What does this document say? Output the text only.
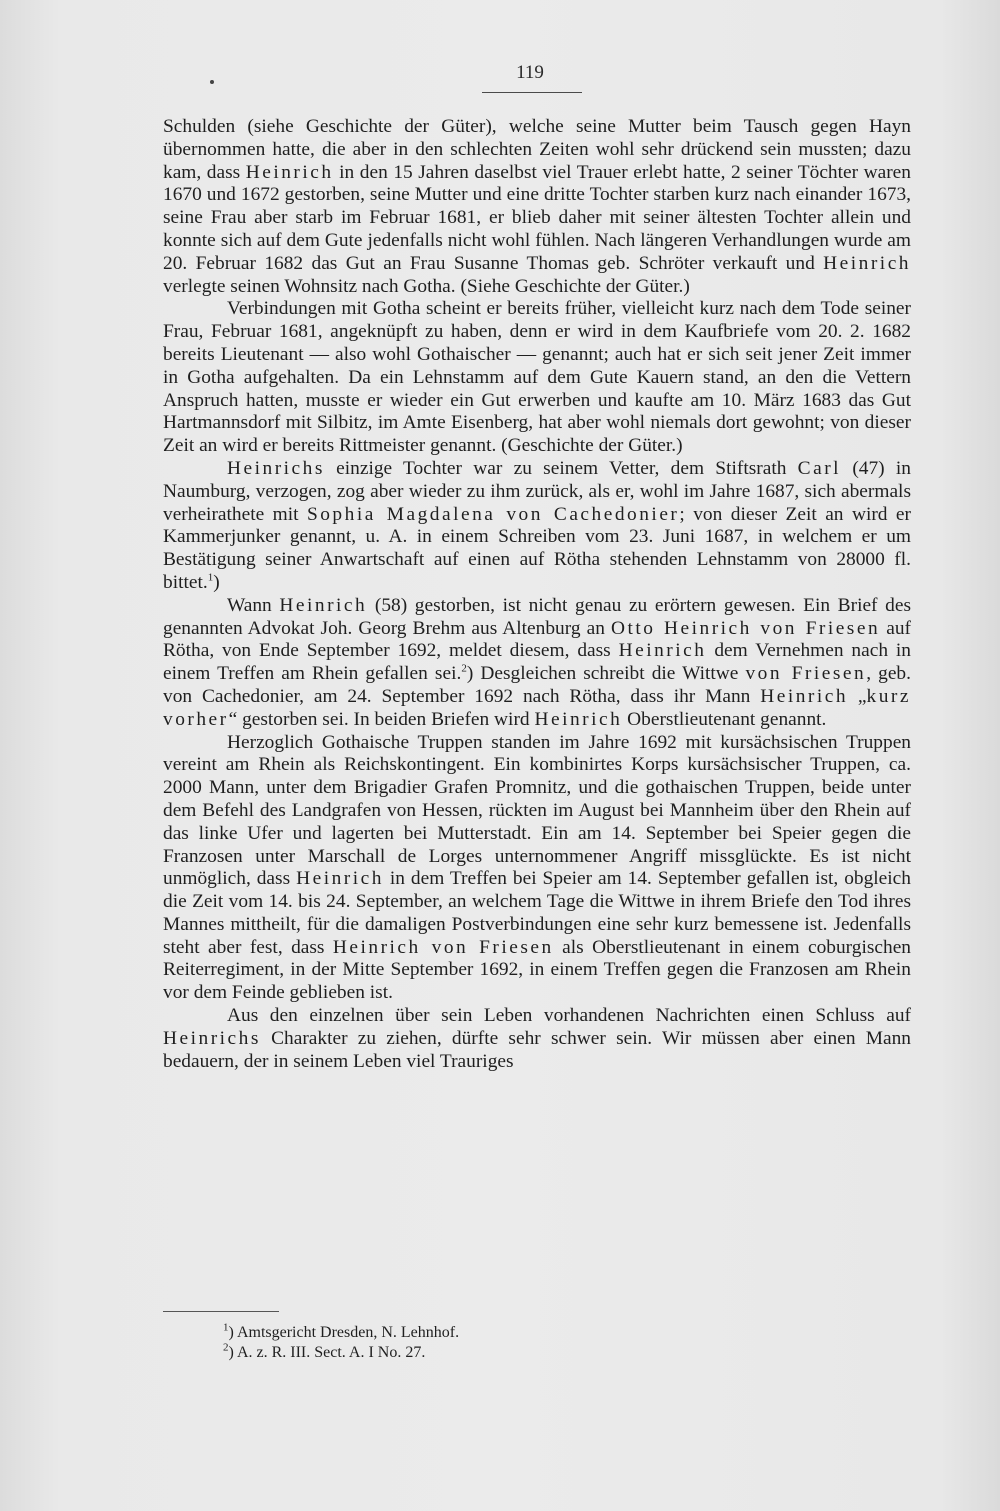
119

Schulden (siehe Geschichte der Güter), welche seine Mutter beim Tausch gegen Hayn übernommen hatte, die aber in den schlechten Zeiten wohl sehr drückend sein mussten; dazu kam, dass Heinrich in den 15 Jahren daselbst viel Trauer erlebt hatte, 2 seiner Töchter waren 1670 und 1672 gestorben, seine Mutter und eine dritte Tochter starben kurz nach einander 1673, seine Frau aber starb im Februar 1681, er blieb daher mit seiner ältesten Tochter allein und konnte sich auf dem Gute jedenfalls nicht wohl fühlen. Nach längeren Verhandlungen wurde am 20. Februar 1682 das Gut an Frau Susanne Thomas geb. Schröter verkauft und Heinrich verlegte seinen Wohnsitz nach Gotha. (Siehe Geschichte der Güter.)

Verbindungen mit Gotha scheint er bereits früher, vielleicht kurz nach dem Tode seiner Frau, Februar 1681, angeknüpft zu haben, denn er wird in dem Kaufbriefe vom 20. 2. 1682 bereits Lieutenant — also wohl Gothaischer — genannt; auch hat er sich seit jener Zeit immer in Gotha aufgehalten. Da ein Lehnstamm auf dem Gute Kauern stand, an den die Vettern Anspruch hatten, musste er wieder ein Gut erwerben und kaufte am 10. März 1683 das Gut Hartmannsdorf mit Silbitz, im Amte Eisenberg, hat aber wohl niemals dort gewohnt; von dieser Zeit an wird er bereits Rittmeister genannt. (Geschichte der Güter.)

Heinrichs einzige Tochter war zu seinem Vetter, dem Stiftsrath Carl (47) in Naumburg, verzogen, zog aber wieder zu ihm zurück, als er, wohl im Jahre 1687, sich abermals verheirathete mit Sophia Magdalena von Cachedonier; von dieser Zeit an wird er Kammerjunker genannt, u. A. in einem Schreiben vom 23. Juni 1687, in welchem er um Bestätigung seiner Anwartschaft auf einen auf Rötha stehenden Lehnstamm von 28000 fl. bittet.$^1$)

Wann Heinrich (58) gestorben, ist nicht genau zu erörtern gewesen. Ein Brief des genannten Advokat Joh. Georg Brehm aus Altenburg an Otto Heinrich von Friesen auf Rötha, von Ende September 1692, meldet diesem, dass Heinrich dem Vernehmen nach in einem Treffen am Rhein gefallen sei.$^2$) Desgleichen schreibt die Wittwe von Friesen, geb. von Cachedonier, am 24. September 1692 nach Rötha, dass ihr Mann Heinrich „kurz vorher“ gestorben sei. In beiden Briefen wird Heinrich Oberstlieutenant genannt.

Herzoglich Gothaische Truppen standen im Jahre 1692 mit kursächsischen Truppen vereint am Rhein als Reichskontingent. Ein kombinirtes Korps kursächsischer Truppen, ca. 2000 Mann, unter dem Brigadier Grafen Promnitz, und die gothaischen Truppen, beide unter dem Befehl des Landgrafen von Hessen, rückten im August bei Mannheim über den Rhein auf das linke Ufer und lagerten bei Mutterstadt. Ein am 14. September bei Speier gegen die Franzosen unter Marschall de Lorges unternommener Angriff missglückte. Es ist nicht unmöglich, dass Heinrich in dem Treffen bei Speier am 14. September gefallen ist, obgleich die Zeit vom 14. bis 24. September, an welchem Tage die Wittwe in ihrem Briefe den Tod ihres Mannes mittheilt, für die damaligen Postverbindungen eine sehr kurz bemessene ist. Jedenfalls steht aber fest, dass Heinrich von Friesen als Oberstlieutenant in einem coburgischen Reiterregiment, in der Mitte September 1692, in einem Treffen gegen die Franzosen am Rhein vor dem Feinde geblieben ist.

Aus den einzelnen über sein Leben vorhandenen Nachrichten einen Schluss auf Heinrichs Charakter zu ziehen, dürfte sehr schwer sein. Wir müssen aber einen Mann bedauern, der in seinem Leben viel Trauriges

$^1$) Amtsgericht Dresden, N. Lehnhof.
$^2$) A. z. R. III. Sect. A. I No. 27.
